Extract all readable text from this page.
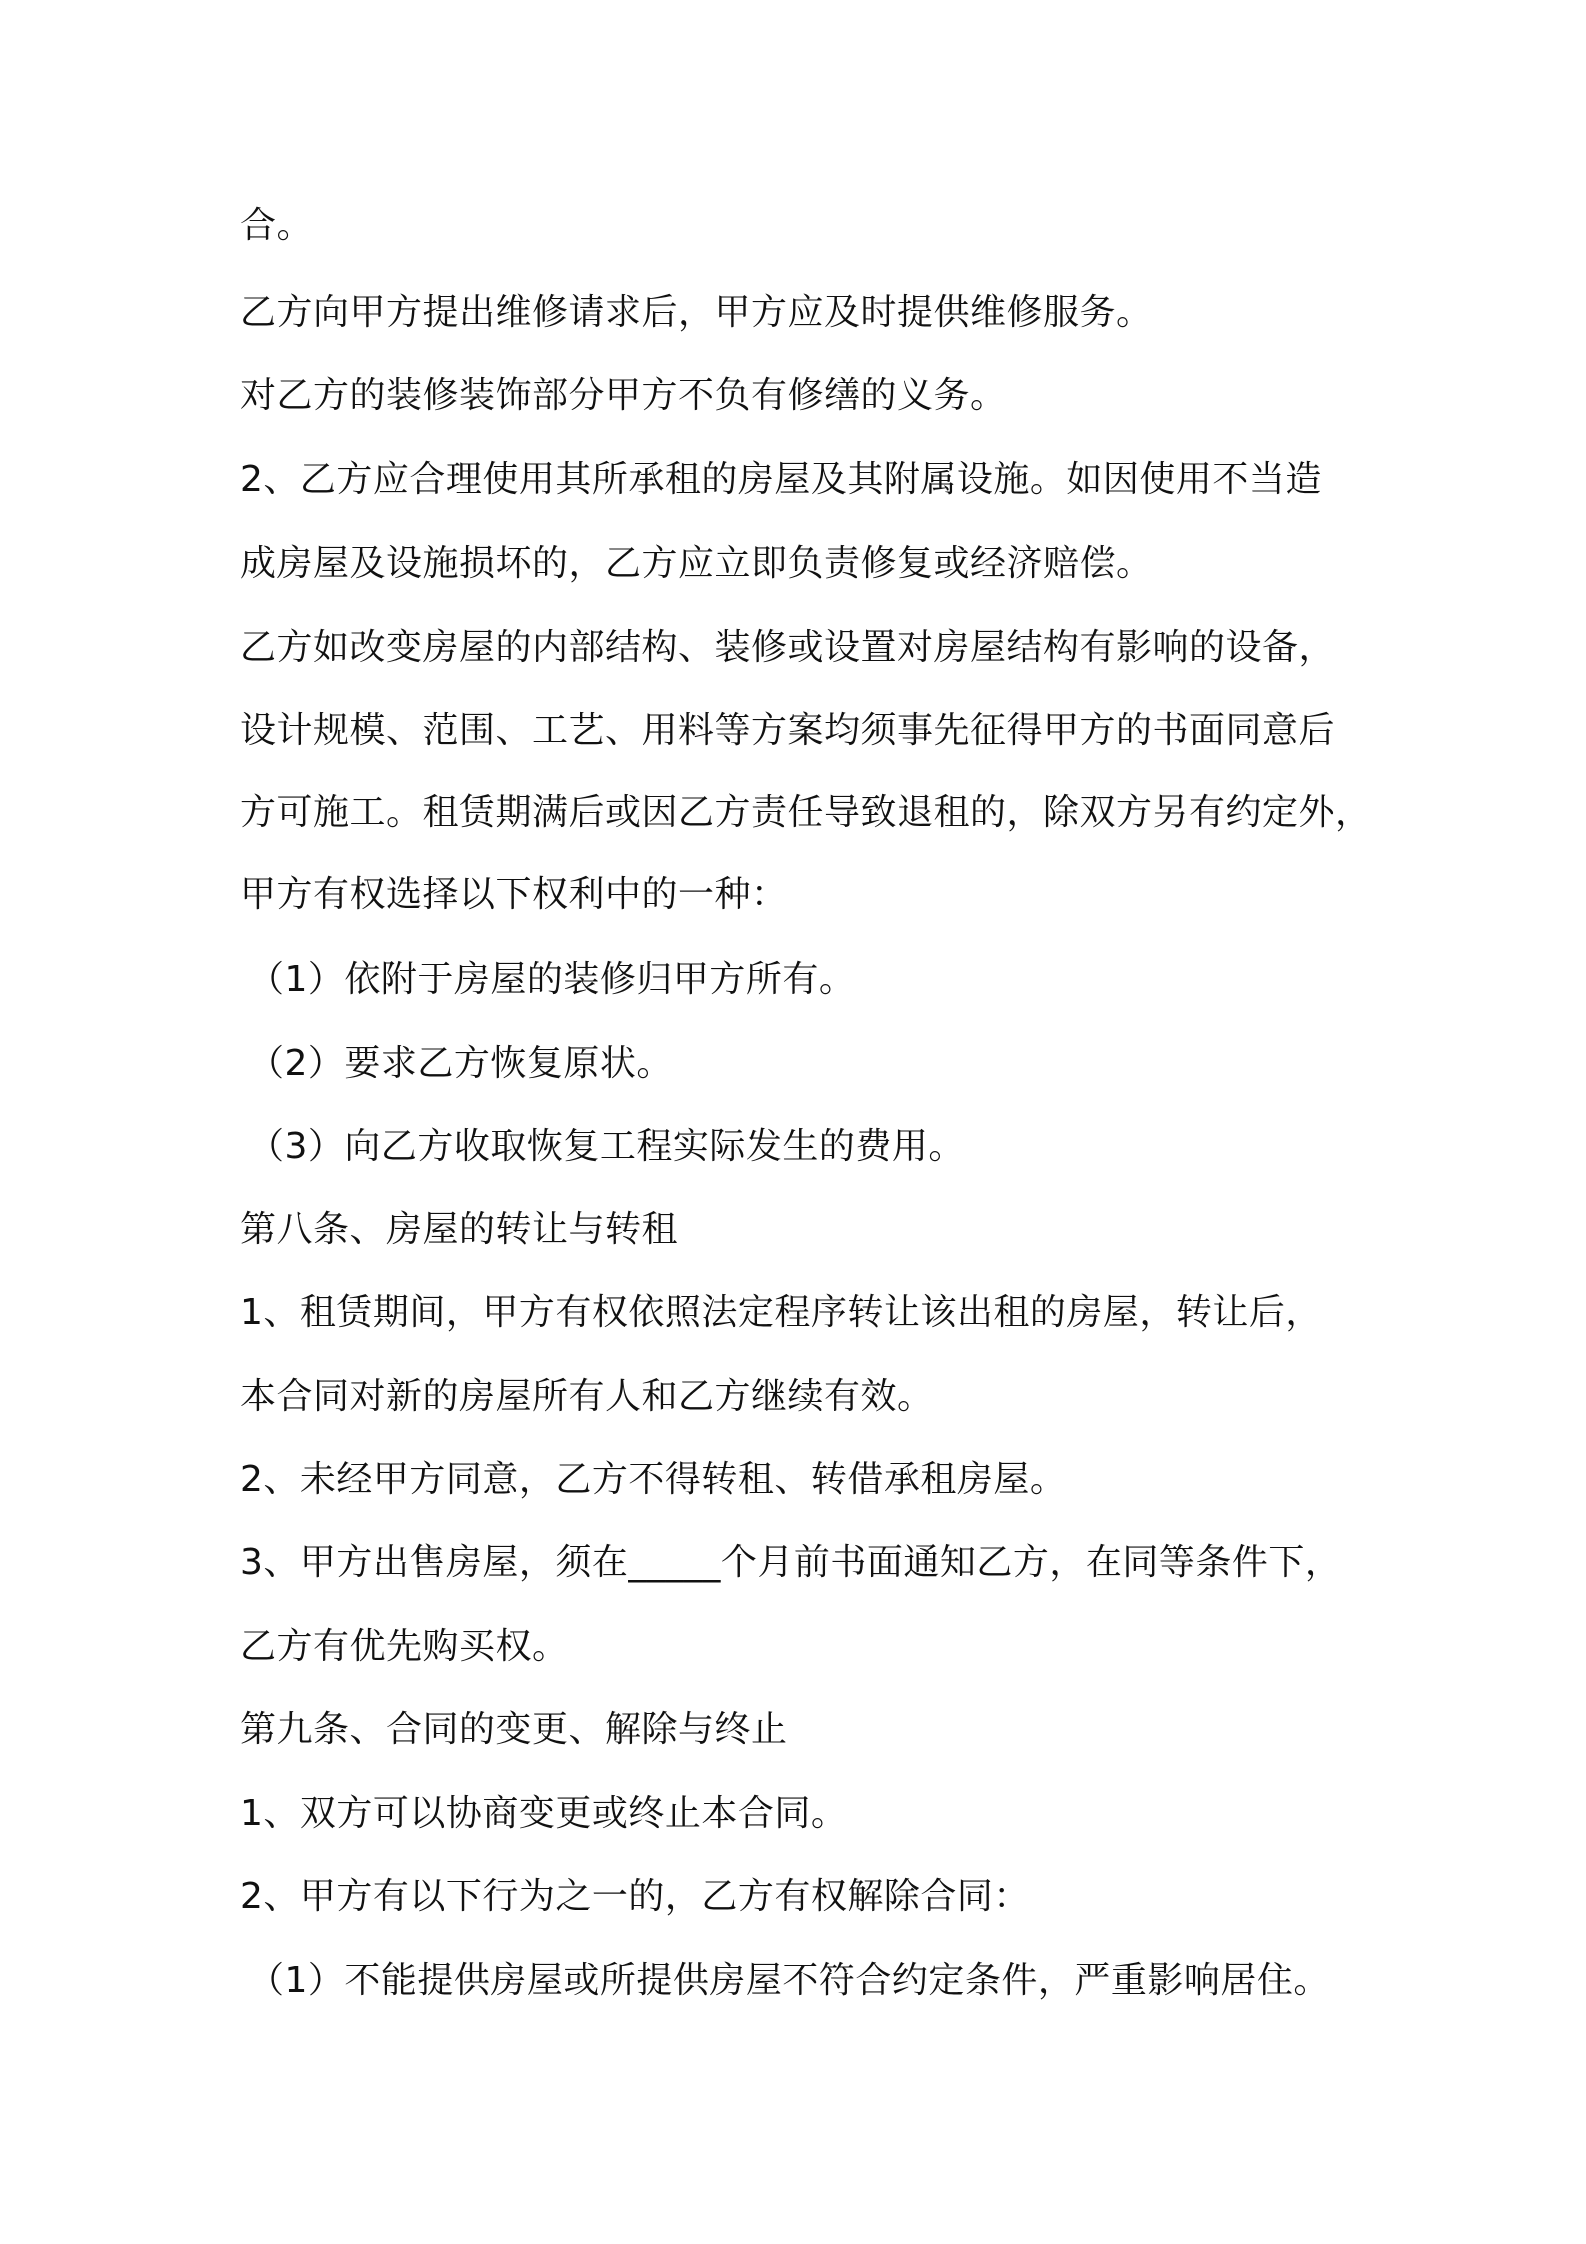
合。
乙方向甲方提出维修请求后，甲方应及时提供维修服务。
对乙方的装修装饰部分甲方不负有修缮的义务。
2、乙方应合理使用其所承租的房屋及其附属设施。如因使用不当造
成房屋及设施损坏的，乙方应立即负责修复或经济赔偿。
乙方如改变房屋的内部结构、装修或设置对房屋结构有影响的设备，
设计规模、范围、工艺、用料等方案均须事先征得甲方的书面同意后
方可施工。租赁期满后或因乙方责任导致退租的，除双方另有约定外，
甲方有权选择以下权利中的一种：
（1）依附于房屋的装修归甲方所有。
（2）要求乙方恢复原状。
（3）向乙方收取恢复工程实际发生的费用。
第八条、房屋的转让与转租
1、租赁期间，甲方有权依照法定程序转让该出租的房屋，转让后，
本合同对新的房屋所有人和乙方继续有效。
2、未经甲方同意，乙方不得转租、转借承租房屋。
3、甲方出售房屋，须在_____个月前书面通知乙方，在同等条件下，
乙方有优先购买权。
第九条、合同的变更、解除与终止
1、双方可以协商变更或终止本合同。
2、甲方有以下行为之一的，乙方有权解除合同：
（1）不能提供房屋或所提供房屋不符合约定条件，严重影响居住。
